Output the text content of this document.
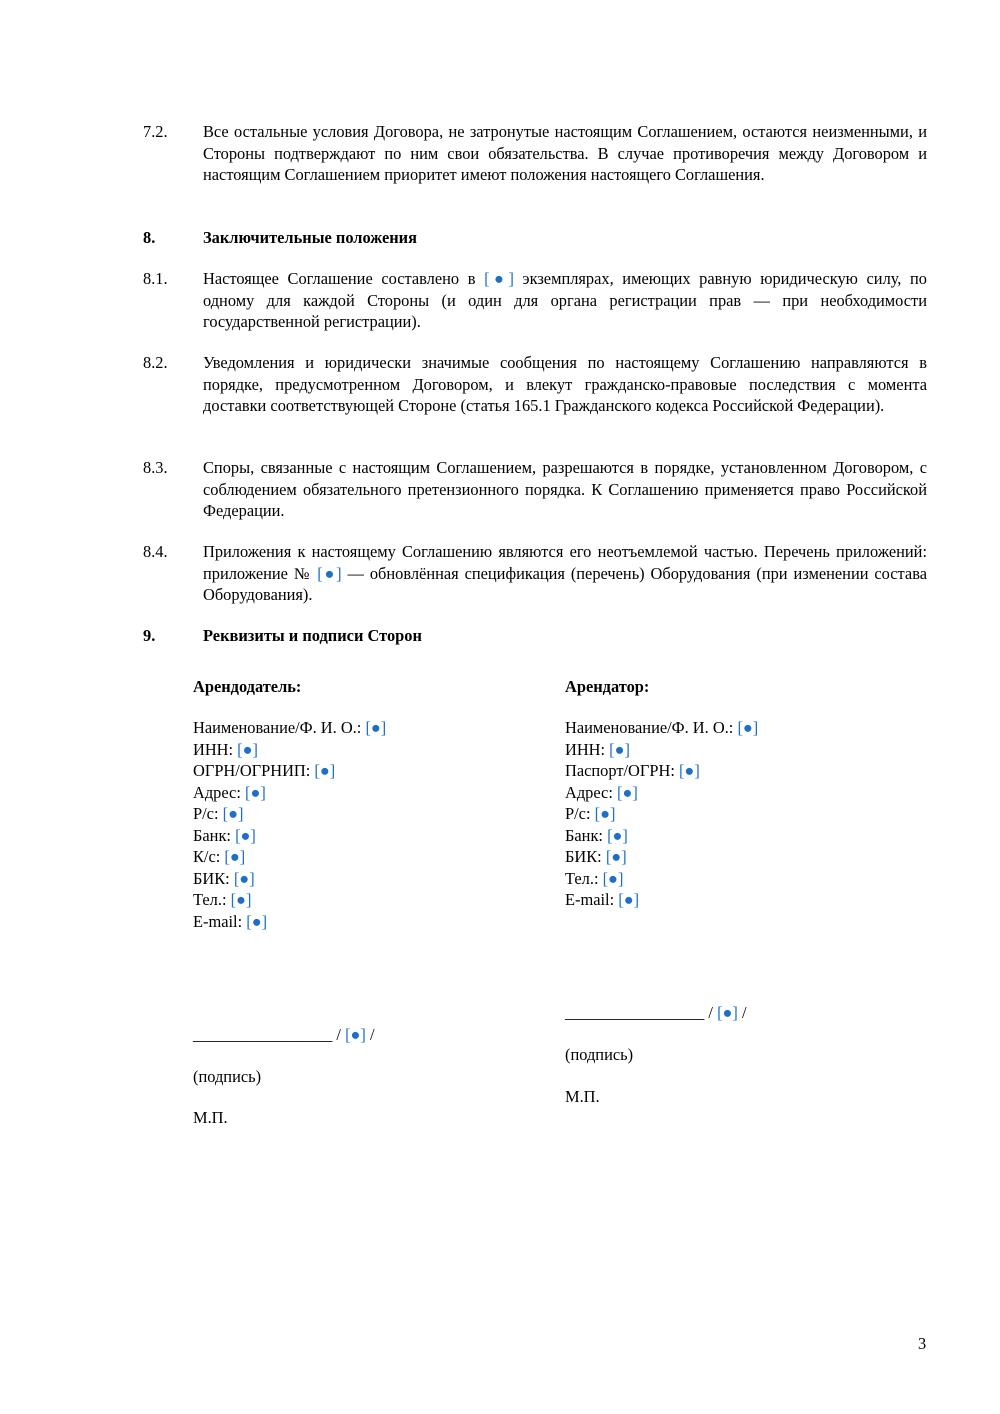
7.2. Все остальные условия Договора, не затронутые настоящим Соглашением, остаются неизменными, и Стороны подтверждают по ним свои обязательства. В случае противоречия между Договором и настоящим Соглашением приоритет имеют положения настоящего Соглашения.
8.	Заключительные положения
8.1. Настоящее Соглашение составлено в [●] экземплярах, имеющих равную юридическую силу, по одному для каждой Стороны (и один для органа регистрации прав — при необходимости государственной регистрации).
8.2. Уведомления и юридически значимые сообщения по настоящему Соглашению направляются в порядке, предусмотренном Договором, и влекут гражданско-правовые последствия с момента доставки соответствующей Стороне (статья 165.1 Гражданского кодекса Российской Федерации).
8.3. Споры, связанные с настоящим Соглашением, разрешаются в порядке, установленном Договором, с соблюдением обязательного претензионного порядка. К Соглашению применяется право Российской Федерации.
8.4. Приложения к настоящему Соглашению являются его неотъемлемой частью. Перечень приложений: приложение № [●] — обновлённая спецификация (перечень) Оборудования (при изменении состава Оборудования).
9.	Реквизиты и подписи Сторон
Арендодатель:
Наименование/Ф. И. О.: [●]
ИНН: [●]
ОГРН/ОГРНИП: [●]
Адрес: [●]
Р/с: [●]
Банк: [●]
К/с: [●]
БИК: [●]
Тел.: [●]
E-mail: [●]
_________________ / [●] /
(подпись)
М.П.
Арендатор:
Наименование/Ф. И. О.: [●]
ИНН: [●]
Паспорт/ОГРН: [●]
Адрес: [●]
Р/с: [●]
Банк: [●]
БИК: [●]
Тел.: [●]
E-mail: [●]
_________________ / [●] /
(подпись)
М.П.
3
